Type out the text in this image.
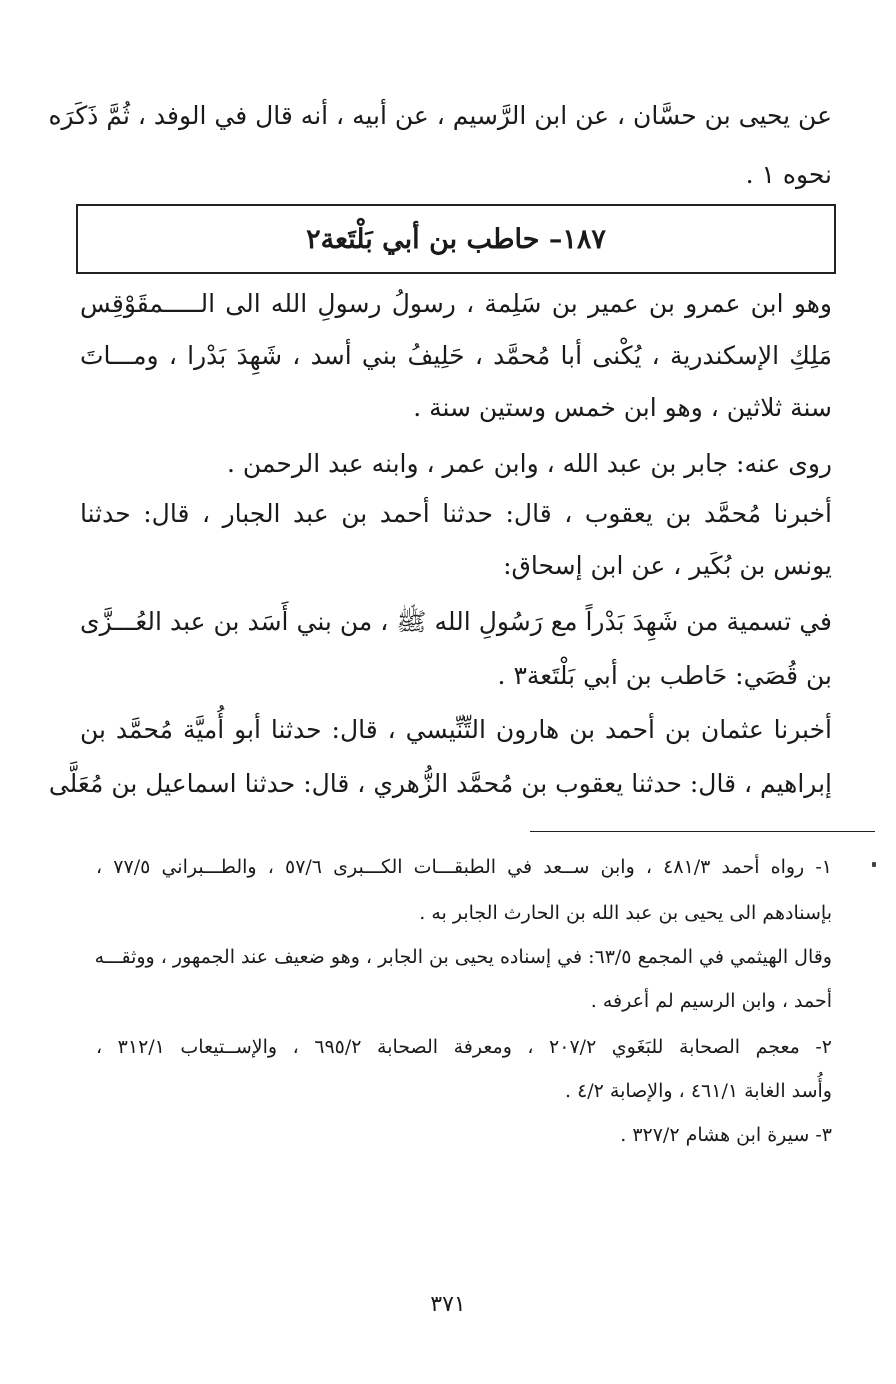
عن يحيى بن حسَّان ، عن ابن الرَّسيم ، عن أبيه ، أنه قال في الوفد ، ثُمَّ ذَكَرَه
نحوه ١ .
١٨٧– حاطب بن أبي بَلْتَعة٢
وهو ابن عمرو بن عمير بن سَلِمة ، رسولُ رسولِ الله الى الـــــمقَوْقِس
مَلِكِ الإسكندرية ، يُكْنى أبا مُحمَّد ، حَلِيفُ بني أسد ، شَهِدَ بَدْرا ، ومـــاتَ
سنة ثلاثين ، وهو ابن خمس وستين سنة .
روى عنه: جابر بن عبد الله ، وابن عمر ، وابنه عبد الرحمن .
أخبرنا مُحمَّد بن يعقوب ، قال: حدثنا أحمد بن عبد الجبار ، قال: حدثنا
يونس بن بُكَير ، عن ابن إسحاق:
في تسمية من شَهِدَ بَدْراً مع رَسُولِ الله ﷺ ، من بني أَسَد بن عبد العُـــزَّى
بن قُصَي: حَاطب بن أبي بَلْتَعة٣ .
أخبرنا عثمان بن أحمد بن هارون التِّنِّيسي ، قال: حدثنا أبو أُميَّة مُحمَّد بن
إبراهيم ، قال: حدثنا يعقوب بن مُحمَّد الزُّهري ، قال: حدثنا اسماعيل بن مُعَلَّى
١- رواه أحمد ٤٨١/٣ ، وابن ســعد في الطبقـــات الكـــبرى ٥٧/٦ ، والطـــبراني ٧٧/٥ ،
بإسنادهم الى يحيى بن عبد الله بن الحارث الجابر به .
وقال الهيثمي في المجمع ٦٣/٥: في إسناده يحيى بن الجابر ، وهو ضعيف عند الجمهور ، ووثقـــه
أحمد ، وابن الرسيم لم أعرفه .
٢- معجم الصحابة للبَغَوي ٢٠٧/٢ ، ومعرفة الصحابة ٦٩٥/٢ ، والإســتيعاب ٣١٢/١ ،
وأُسد الغابة ٤٦١/١ ، والإصابة ٤/٢ .
٣- سيرة ابن هشام ٣٢٧/٢ .
٣٧١
